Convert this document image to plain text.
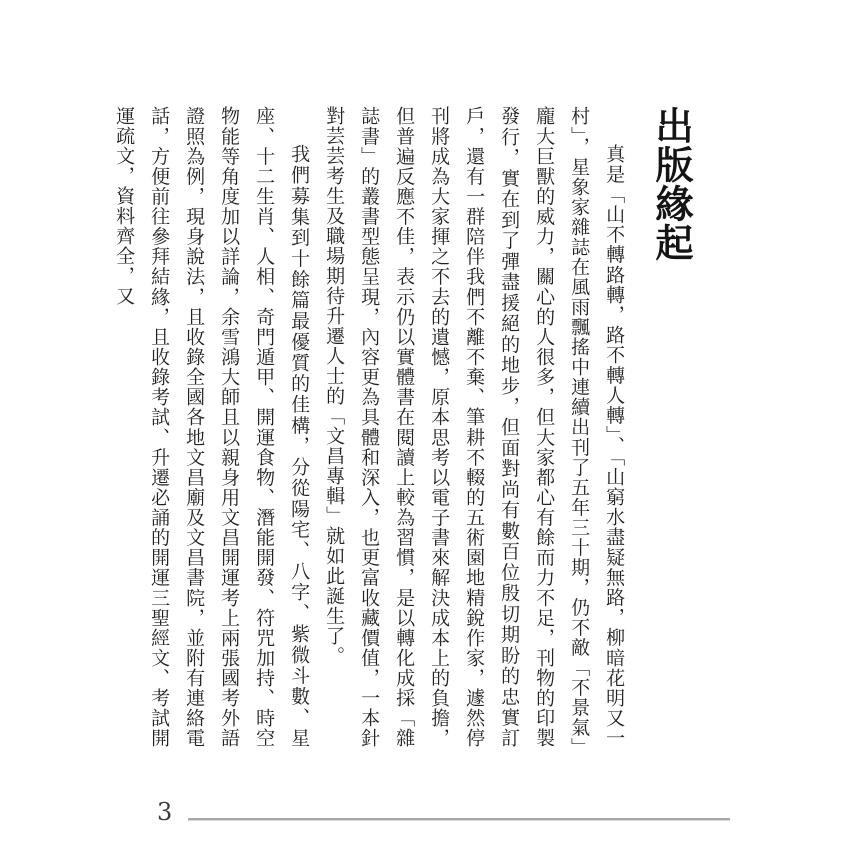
出版緣起

真是「山不轉路轉，路不轉人轉」、「山窮水盡疑無路，柳暗花明又一村」，星象家雜誌在風雨飄搖中連續出刊了五年三十期，仍不敵「不景氣」龐大巨獸的威力，關心的人很多，但大家都心有餘而力不足，刊物的印製發行，實在到了彈盡援絕的地步，但面對尚有數百位殷切期盼的忠實訂戶，還有一群陪伴我們不離不棄、筆耕不輟的五術園地精銳作家，遽然停刊將成為大家揮之不去的遺憾，原本思考以電子書來解決成本上的負擔，但普遍反應不佳，表示仍以實體書在閱讀上較為習慣，是以轉化成採「雜誌書」的叢書型態呈現，內容更為具體和深入，也更富收藏價值，一本針對芸芸考生及職場期待升遷人士的「文昌專輯」就如此誕生了。

我們募集到十餘篇最優質的佳構，分從陽宅、八字、紫微斗數、星座、十二生肖、人相、奇門遁甲、開運食物、潛能開發、符咒加持、時空物能等角度加以詳論，余雪鴻大師且以親身用文昌開運考上兩張國考外語證照為例，現身說法，且收錄全國各地文昌廟及文昌書院，並附有連絡電話，方便前往參拜結緣，且收錄考試、升遷必誦的開運三聖經文、考試開運疏文，資料齊全，又

3
